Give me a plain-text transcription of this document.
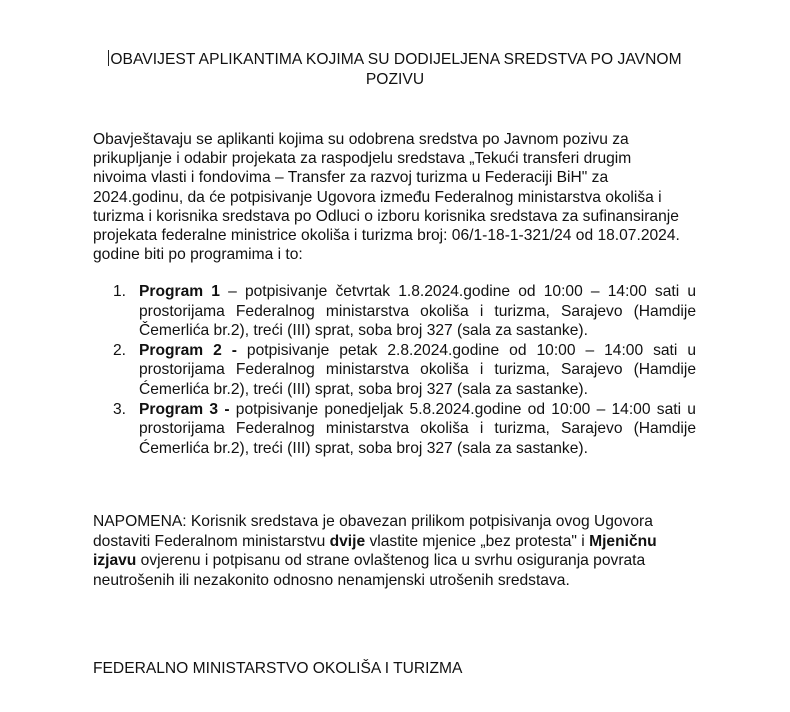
OBAVIJEST APLIKANTIMA KOJIMA SU DODIJELJENA SREDSTVA PO JAVNOM POZIVU
Obavještavaju se aplikanti kojima su odobrena sredstva po Javnom pozivu za
prikupljanje i odabir projekata za raspodjelu sredstava „Tekući transferi drugim
nivoima vlasti i fondovima – Transfer za razvoj turizma u Federaciji BiH" za
2024.godinu, da će potpisivanje Ugovora između Federalnog ministarstva okoliša i
turizma i korisnika sredstava po Odluci o izboru korisnika sredstava za sufinansiranje
projekata federalne ministrice okoliša i turizma broj: 06/1-18-1-321/24 od 18.07.2024.
godine biti po programima i to:
1. Program 1 – potpisivanje četvrtak 1.8.2024.godine od 10:00 – 14:00 sati u prostorijama Federalnog ministarstva okoliša i turizma, Sarajevo (Hamdije Čemerlića br.2), treći (III) sprat, soba broj 327 (sala za sastanke).
2. Program 2 - potpisivanje petak 2.8.2024.godine od 10:00 – 14:00 sati u prostorijama Federalnog ministarstva okoliša i turizma, Sarajevo (Hamdije Ćemerlića br.2), treći (III) sprat, soba broj 327 (sala za sastanke).
3. Program 3 - potpisivanje ponedjeljak 5.8.2024.godine od 10:00 – 14:00 sati u prostorijama Federalnog ministarstva okoliša i turizma, Sarajevo (Hamdije Ćemerlića br.2), treći (III) sprat, soba broj 327 (sala za sastanke).

NAPOMENA: Korisnik sredstava je obavezan prilikom potpisivanja ovog Ugovora dostaviti Federalnom ministarstvu dvije vlastite mjenice „bez protesta" i Mjeničnu izjavu ovjerenu i potpisanu od strane ovlaštenog lica u svrhu osiguranja povrata neutrošenih ili nezakonito odnosno nenamjenski utrošenih sredstava.

FEDERALNO MINISTARSTVO OKOLIŠA I TURIZMA
